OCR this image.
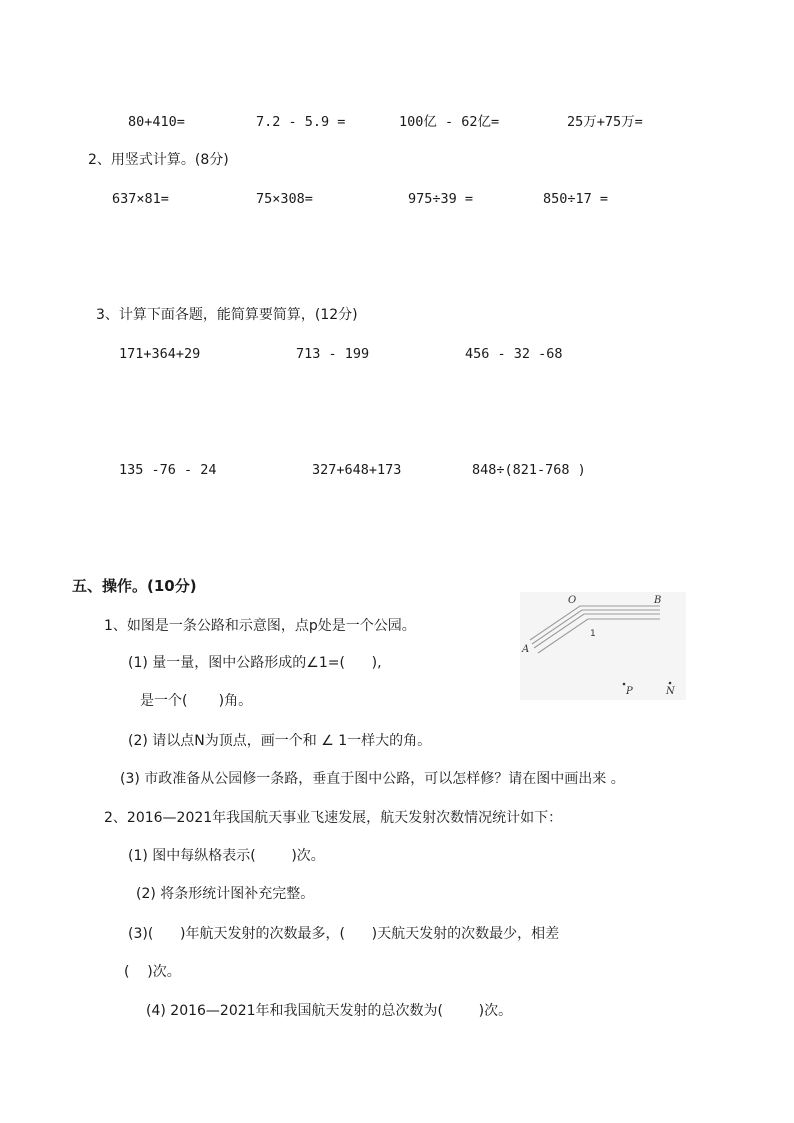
80+410=	7.2 - 5.9 =	100亿 - 62亿=	25万+75万=
2、用竖式计算。(8分)
637×81=	75×308=	975÷39 =	850÷17 =
3、计算下面各题，能简算要简算，(12分)
171+364+29	713 - 199	456 - 32 -68
135 -76 - 24	327+648+173	848÷(821-768 )
五、操作。(10分)
1、如图是一条公路和示意图，点p处是一个公园。
(1) 量一量，图中公路形成的∠1=(      ),
是一个(       )角。
(2) 请以点N为顶点，画一个和 ∠ 1一样大的角。
(3) 市政准备从公园修一条路，垂直于图中公路，可以怎样修？请在图中画出来 。
2、2016—2021年我国航天事业飞速发展，航天发射次数情况统计如下：
(1) 图中每纵格表示(        )次。
(2) 将条形统计图补充完整。
(3)(      )年航天发射的次数最多，(      )天航天发射的次数最少，相差
(    )次。
(4) 2016—2021年和我国航天发射的总次数为(        )次。
O	B
A
1
P	N
